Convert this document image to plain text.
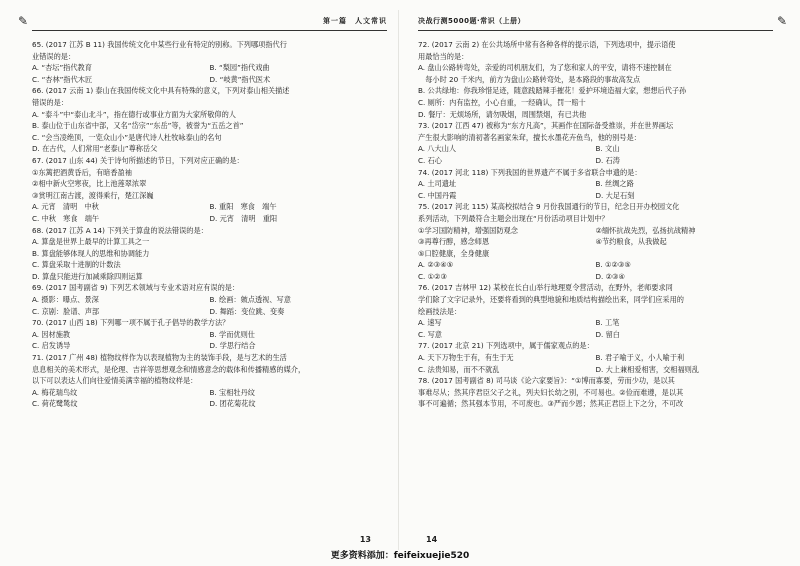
✎	第一篇　人文常识
65. (2017 江苏 B 11) 我国传统文化中某些行业有特定的别称。下列哪项指代行
业错误的是：
A. “杏坛”指代教育	B. “梨园”指代戏曲
C. “杏林”指代木匠	D. “岐黄”指代医术
66. (2017 云南 1) 泰山在我国传统文化中具有特殊的意义，下列对泰山相关描述
错误的是：
A. “泰斗”中“泰山北斗”，指在德行或事业方面为大家所敬仰的人
B. 泰山位于山东省中部，又名“岱宗”“东岳”等，被誉为“五岳之首”
C. “会当凌绝顶，一览众山小”是唐代诗人杜牧咏泰山的名句
D. 在古代，人们常用“老泰山”尊称岳父
67. (2017 山东 44) 关于诗句所描述的节日，下列对应正确的是：
①东篱把酒黄昏后，有暗香盈袖
②相中新火空寒夜，比上池莲翠浓翠
③赏明江南古渡，渡得乘行，楚江深巍
A. 元宵　清明　中秋	B. 重阳　寒食　端午
C. 中秋　寒食　端午	D. 元宵　清明　重阳
68. (2017 江苏 A 14) 下列关于算盘的说法错误的是：
A. 算盘是世界上最早的计算工具之一
B. 算盘能够体现人的思维和协调能力
C. 算盘采取十进制的计数法
D. 算盘只能进行加减乘除四则运算
69. (2017 国考副省 9) 下列艺术领域与专业术语对应有误的是：
A. 摄影：曝点、景深	B. 绘画：皴点透视、写意
C. 京剧：脸谱、声部	D. 舞蹈：变位跳、变奏
70. (2017 山西 18) 下列哪一项不属于孔子倡导的教学方法？
A. 因材施教	B. 学而优则仕
C. 启发诱导	D. 学思行结合
71. (2017 广州 48) 植物纹样作为以表现植物为主的装饰手段，是与艺术的生活
息息相关的美术形式，是伦理、吉祥等思想观念和情感意念的载体和传播精感的媒介，
以下可以表达人们向往爱情美满幸福的植物纹样是：
A. 梅花瑞鸟纹	B. 宝相牡丹纹
C. 荷花鹭鸶纹	D. 团花菊花纹
13
决战行测5000题·常识（上册）	✎
72. (2017 云南 2) 在公共场所中常有各种各样的提示语，下列选项中，提示语使
用最恰当的是：
A. 盘山公路转弯处，亲爱的司机朋友们，为了您和家人的平安，请将不速控制在
　每小时 20 千米内，前方为盘山公路转弯处，是本路段的事故高发点
B. 公共绿地：你我珍惜足迹，随意践踏辣手摧花！爱护环境造福大家，想想后代子孙
C. 厕所：内有监控，小心自重，一经确认，罚一赔十
D. 餐厅：无烦场所，请勿吸烟，周围禁烟，有已共他
73. (2017 江西 47) 被称为“东方凡高”，其画作在国际备受推崇，并在世界画坛
产生很大影响的清初著名画家朱耷，擅长水墨花卉鱼鸟，他的别号是：
A. 八大山人	B. 文山
C. 石心	D. 石涛
74. (2017 河北 118) 下列我国的世界遗产不属于多省联合申遗的是：
A. 土司遗址	B. 丝绸之路
C. 中国丹霞	D. 大足石刻
75. (2017 河北 115) 某高校拟结合 9 月份我国通行的节日，纪念日开办校园文化
系列活动，下列最符合主题会出现在“月份活动项目计划中？
①学习国防精神，增强国防观念	②缅怀抗战先烈，弘扬抗战精神
③再尊行醇，感念师恩	④节约粮食，从我做起
⑤口腔健康，全身健康
A. ②③④⑤	B. ①②③⑤
C. ①②③	D. ②③④
76. (2017 吉林甲 12) 某校在长白山举行地理夏令营活动，在野外，老师要求同
学们除了文字记录外，还要将看到的典型地貌和地质结构描绘出来，同学们应采用的
绘画技法是：
A. 速写	B. 工笔
C. 写意	D. 留白
77. (2017 北京 21) 下列选项中，属于儒家观点的是：
A. 天下万物生于有，有生于无	B. 君子喻于义，小人喻于利
C. 法贵知易，而不不就乱	D. 大上兼相爱相害，交相福则乱
78. (2017 国考副省 8) 司马谈《论六家要旨》：“①博而寡要，劳而少功，是以其
事难尽从；然其序君臣父子之礼，列夫妇长幼之别，不可易也。②俭而难遵，是以其
事不可遍循；然其强本节用，不可废也。③严而少恩；然其正君臣上下之分，不可改
14
更多资料添加：feifeixuejie520
